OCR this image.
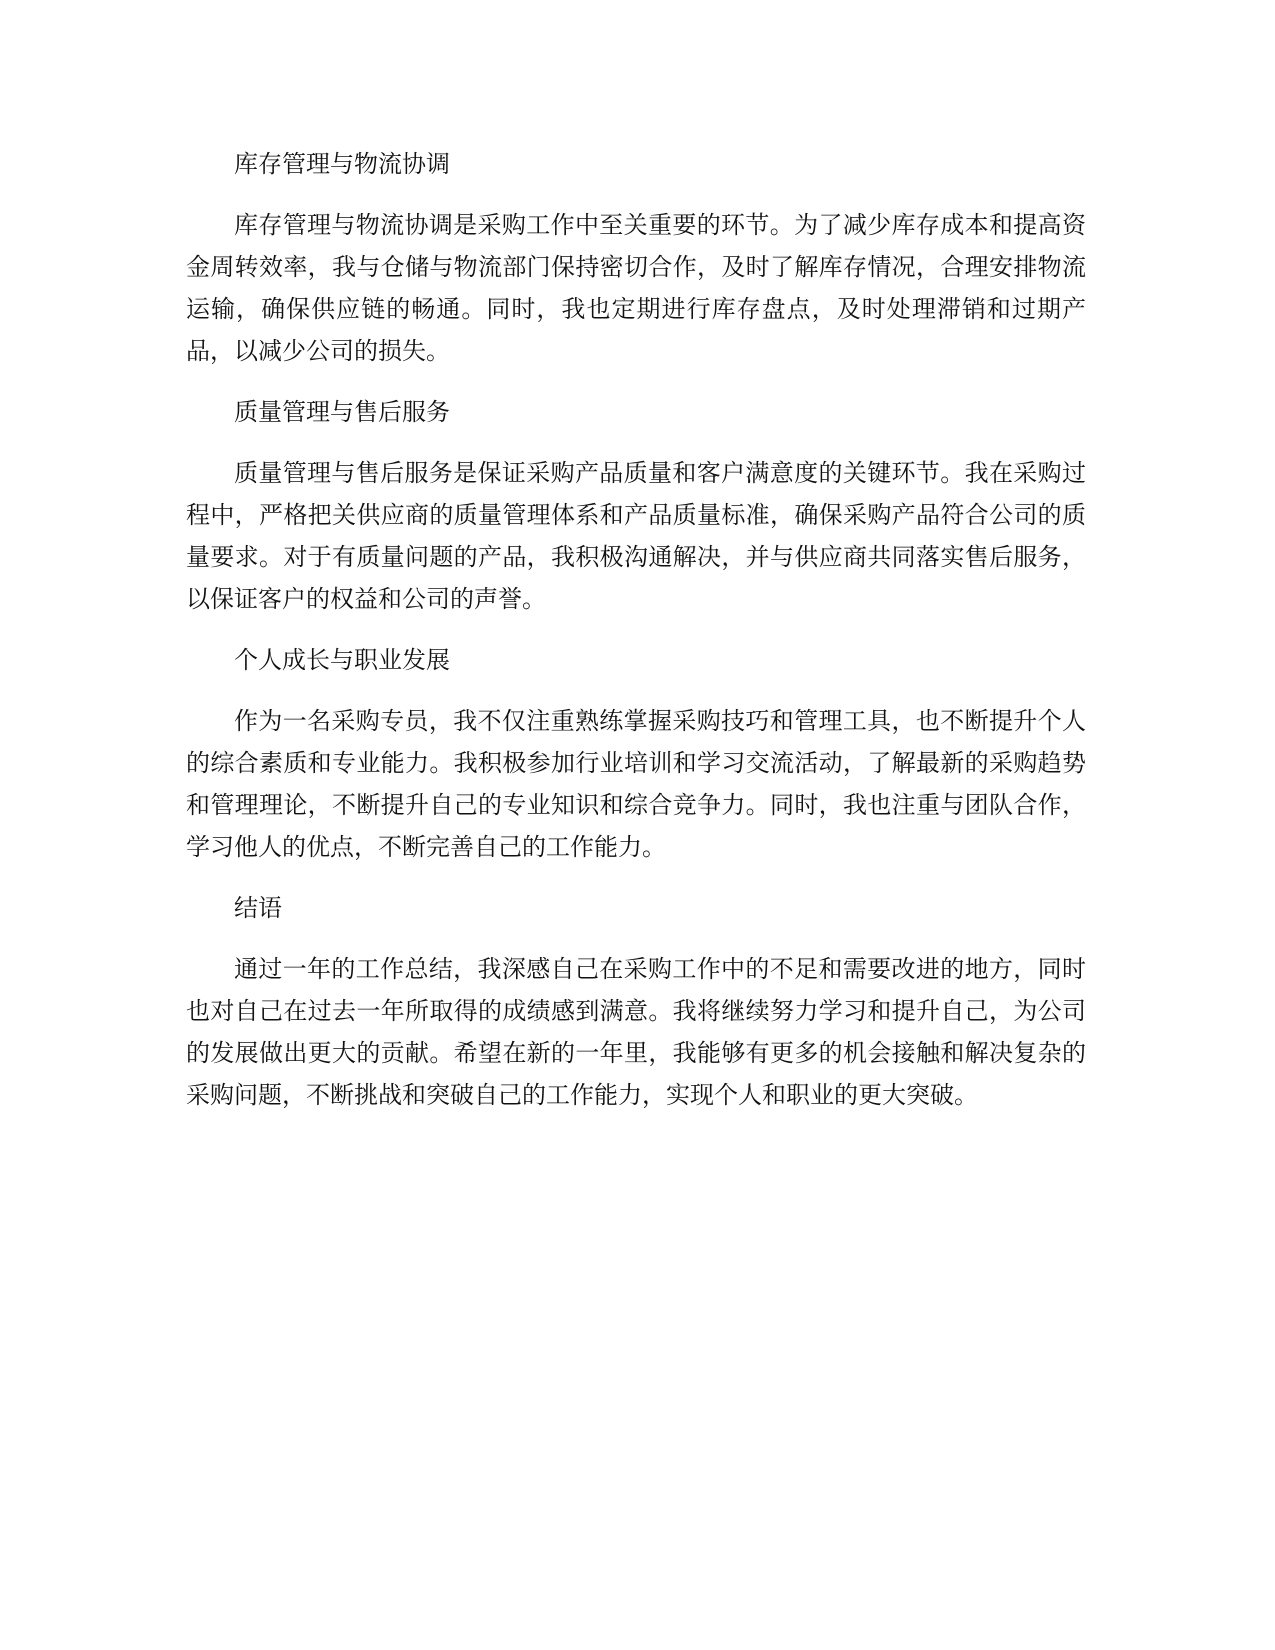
库存管理与物流协调

库存管理与物流协调是采购工作中至关重要的环节。为了减少库存成本和提高资金周转效率，我与仓储与物流部门保持密切合作，及时了解库存情况，合理安排物流运输，确保供应链的畅通。同时，我也定期进行库存盘点，及时处理滞销和过期产品，以减少公司的损失。

质量管理与售后服务

质量管理与售后服务是保证采购产品质量和客户满意度的关键环节。我在采购过程中，严格把关供应商的质量管理体系和产品质量标准，确保采购产品符合公司的质量要求。对于有质量问题的产品，我积极沟通解决，并与供应商共同落实售后服务，以保证客户的权益和公司的声誉。

个人成长与职业发展

作为一名采购专员，我不仅注重熟练掌握采购技巧和管理工具，也不断提升个人的综合素质和专业能力。我积极参加行业培训和学习交流活动，了解最新的采购趋势和管理理论，不断提升自己的专业知识和综合竞争力。同时，我也注重与团队合作，学习他人的优点，不断完善自己的工作能力。

结语

通过一年的工作总结，我深感自己在采购工作中的不足和需要改进的地方，同时也对自己在过去一年所取得的成绩感到满意。我将继续努力学习和提升自己，为公司的发展做出更大的贡献。希望在新的一年里，我能够有更多的机会接触和解决复杂的采购问题，不断挑战和突破自己的工作能力，实现个人和职业的更大突破。
